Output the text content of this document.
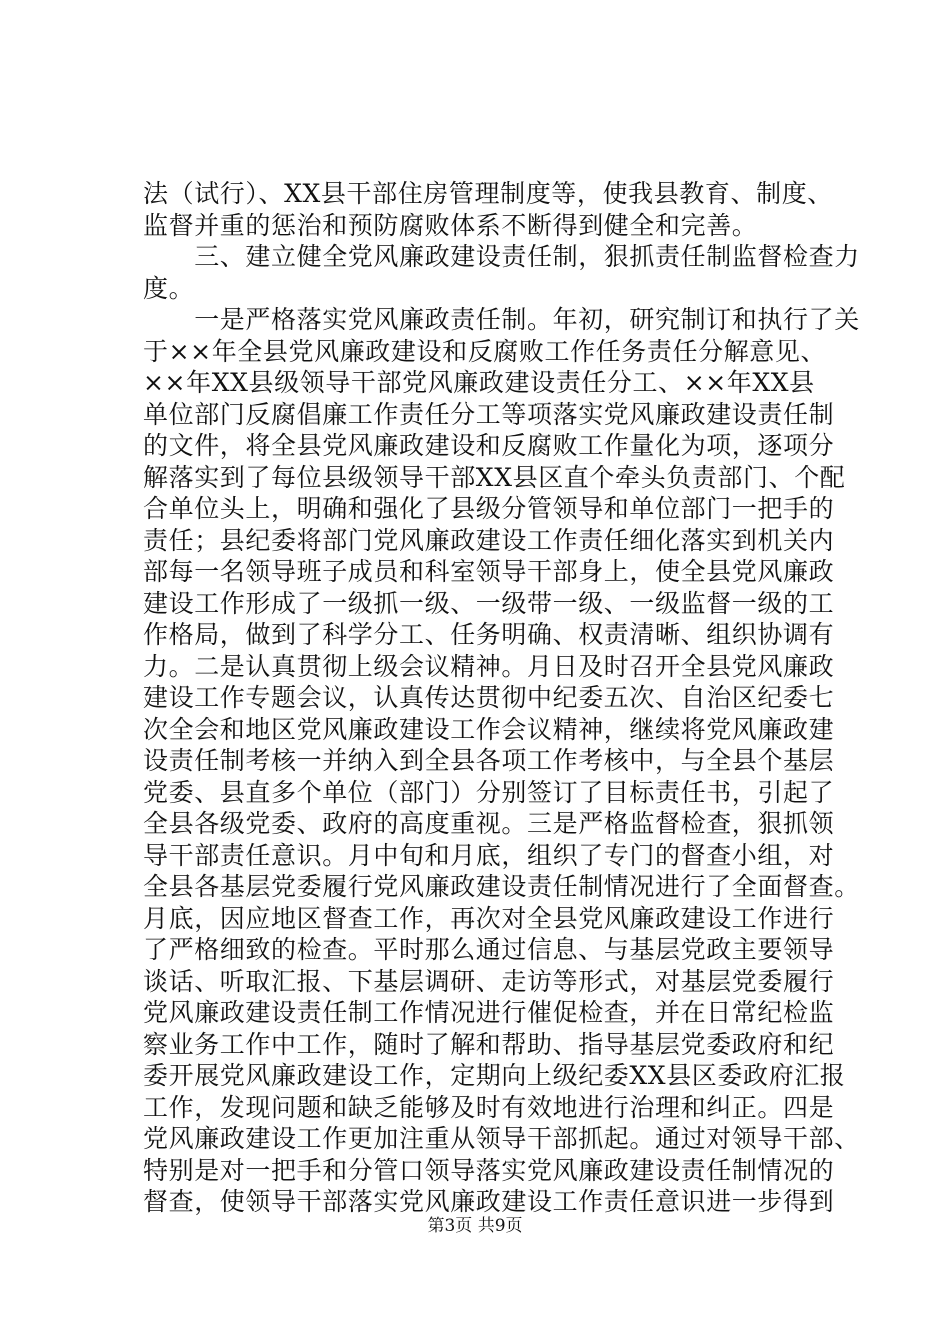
法（试行）、XX县干部住房管理制度等，使我县教育、制度、
监督并重的惩治和预防腐败体系不断得到健全和完善。
　　三、建立健全党风廉政建设责任制，狠抓责任制监督检查力
度。
　　一是严格落实党风廉政责任制。年初，研究制订和执行了关
于××年全县党风廉政建设和反腐败工作任务责任分解意见、
××年XX县级领导干部党风廉政建设责任分工、××年XX县
单位部门反腐倡廉工作责任分工等项落实党风廉政建设责任制
的文件，将全县党风廉政建设和反腐败工作量化为项，逐项分
解落实到了每位县级领导干部XX县区直个牵头负责部门、个配
合单位头上，明确和强化了县级分管领导和单位部门一把手的
责任；县纪委将部门党风廉政建设工作责任细化落实到机关内
部每一名领导班子成员和科室领导干部身上，使全县党风廉政
建设工作形成了一级抓一级、一级带一级、一级监督一级的工
作格局，做到了科学分工、任务明确、权责清晰、组织协调有
力。二是认真贯彻上级会议精神。月日及时召开全县党风廉政
建设工作专题会议，认真传达贯彻中纪委五次、自治区纪委七
次全会和地区党风廉政建设工作会议精神，继续将党风廉政建
设责任制考核一并纳入到全县各项工作考核中，与全县个基层
党委、县直多个单位（部门）分别签订了目标责任书，引起了
全县各级党委、政府的高度重视。三是严格监督检查，狠抓领
导干部责任意识。月中旬和月底，组织了专门的督查小组，对
全县各基层党委履行党风廉政建设责任制情况进行了全面督查。
月底，因应地区督查工作，再次对全县党风廉政建设工作进行
了严格细致的检查。平时那么通过信息、与基层党政主要领导
谈话、听取汇报、下基层调研、走访等形式，对基层党委履行
党风廉政建设责任制工作情况进行催促检查，并在日常纪检监
察业务工作中工作，随时了解和帮助、指导基层党委政府和纪
委开展党风廉政建设工作，定期向上级纪委XX县区委政府汇报
工作，发现问题和缺乏能够及时有效地进行治理和纠正。四是
党风廉政建设工作更加注重从领导干部抓起。通过对领导干部、
特别是对一把手和分管口领导落实党风廉政建设责任制情况的
督查，使领导干部落实党风廉政建设工作责任意识进一步得到
第3页 共9页
